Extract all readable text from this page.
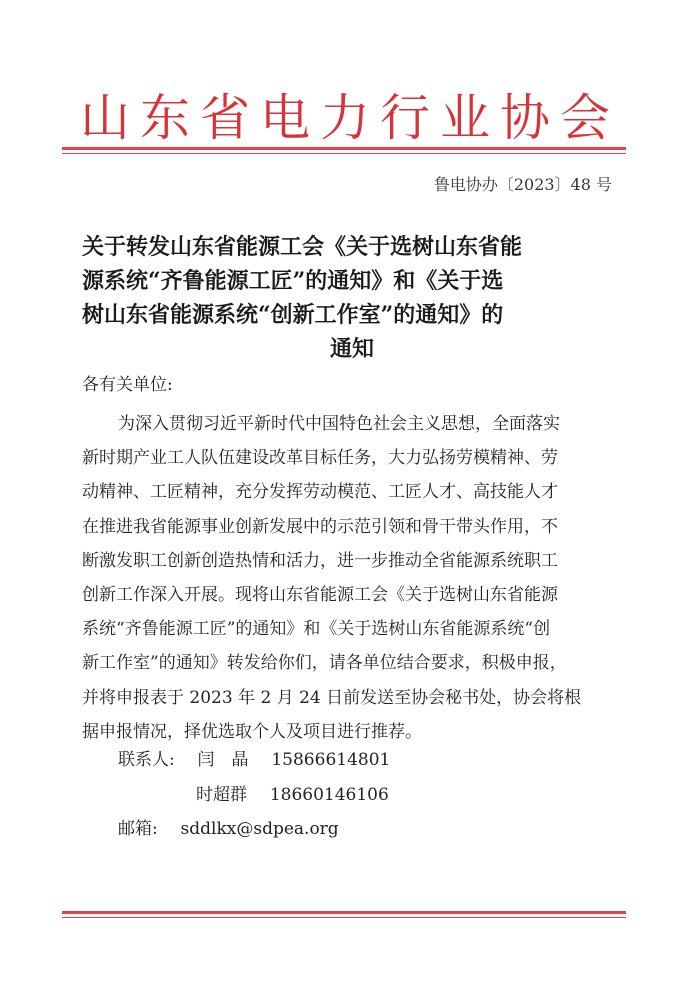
山东省电力行业协会
鲁电协办〔2023〕48 号
关于转发山东省能源工会《关于选树山东省能
源系统“齐鲁能源工匠”的通知》和《关于选
树山东省能源系统“创新工作室”的通知》的
通知
各有关单位:
为深入贯彻习近平新时代中国特色社会主义思想，全面落实
新时期产业工人队伍建设改革目标任务，大力弘扬劳模精神、劳
动精神、工匠精神，充分发挥劳动模范、工匠人才、高技能人才
在推进我省能源事业创新发展中的示范引领和骨干带头作用，不
断激发职工创新创造热情和活力，进一步推动全省能源系统职工
创新工作深入开展。现将山东省能源工会《关于选树山东省能源
系统“齐鲁能源工匠”的通知》和《关于选树山东省能源系统“创
新工作室”的通知》转发给你们，请各单位结合要求，积极申报，
并将申报表于 2023 年 2 月 24 日前发送至协会秘书处，协会将根
据申报情况，择优选取个人及项目进行推荐。
联系人: 闫　晶 15866614801
时超群 18660146106
邮箱: sddlkx@sdpea.org
